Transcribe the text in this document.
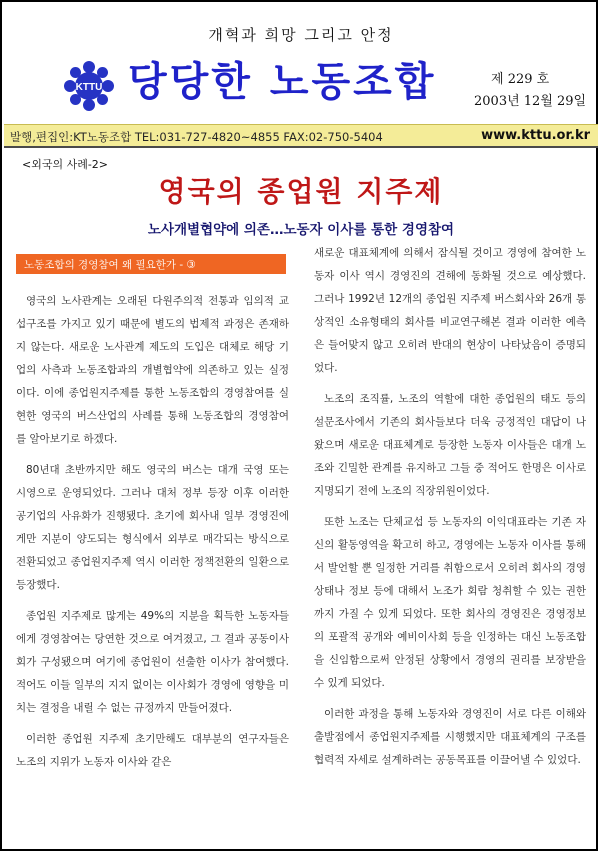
개혁과 희망 그리고 안정
KTTU 당당한 노동조합	제 229 호
2003년 12월 29일
발행,편집인:KT노동조합 TEL:031-727-4820~4855 FAX:02-750-5404	www.kttu.or.kr
<외국의 사례-2>
영국의 종업원 지주제
노사개별협약에 의존…노동자 이사를 통한 경영참여
노동조합의 경영참여 왜 필요한가 - ③

영국의 노사관계는 오래된 다원주의적 전통과 임의적 교섭구조를 가지고 있기 때문에 별도의 법제적 과정은 존재하지 않는다. 새로운 노사관계 제도의 도입은 대체로 해당 기업의 사측과 노동조합과의 개별협약에 의존하고 있는 실정이다. 이에 종업원지주제를 통한 노동조합의 경영참여를 실현한 영국의 버스산업의 사례를 통해 노동조합의 경영참여를 알아보기로 하겠다.

80년대 초반까지만 해도 영국의 버스는 대개 국영 또는 시영으로 운영되었다. 그러나 대처 정부 등장 이후 이러한 공기업의 사유화가 진행됐다. 초기에 회사내 일부 경영진에게만 지분이 양도되는 형식에서 외부로 매각되는 방식으로 전환되었고 종업원지주제 역시 이러한 정책전환의 일환으로 등장했다.

종업원 지주제로 많게는 49%의 지분을 획득한 노동자들에게 경영참여는 당연한 것으로 여겨졌고, 그 결과 공동이사회가 구성됐으며 여기에 종업원이 선출한 이사가 참여했다. 적어도 이들 일부의 지지 없이는 이사회가 경영에 영향을 미치는 결정을 내릴 수 없는 규정까지 만들어졌다.

이러한 종업원 지주제 초기만해도 대부분의 연구자들은 노조의 지위가 노동자 이사와 같은

새로운 대표체계에 의해서 잠식될 것이고 경영에 참여한 노동자 이사 역시 경영진의 견해에 동화될 것으로 예상했다. 그러나 1992년 12개의 종업원 지주제 버스회사와 26개 통상적인 소유형태의 회사를 비교연구해본 결과 이러한 예측은 들어맞지 않고 오히려 반대의 현상이 나타났음이 증명되었다.

노조의 조직률, 노조의 역할에 대한 종업원의 태도 등의 설문조사에서 기존의 회사들보다 더욱 긍정적인 대답이 나왔으며 새로운 대표체계로 등장한 노동자 이사들은 대개 노조와 긴밀한 관계를 유지하고 그들 중 적어도 한명은 이사로 지명되기 전에 노조의 직장위원이었다.

또한 노조는 단체교섭 등 노동자의 이익대표라는 기존 자신의 활동영역을 확고히 하고, 경영에는 노동자 이사를 통해서 발언할 뿐 일정한 거리를 취함으로서 오히려 회사의 경영상태나 정보 등에 대해서 노조가 회람 청취할 수 있는 권한까지 가질 수 있게 되었다. 또한 회사의 경영진은 경영정보의 포괄적 공개와 예비이사회 등을 인정하는 대신 노동조합을 신임함으로써 안정된 상황에서 경영의 권리를 보장받을 수 있게 되었다.

이러한 과정을 통해 노동자와 경영진이 서로 다른 이해와 출발점에서 종업원지주제를 시행했지만 대표체계의 구조를 협력적 자세로 설계하려는 공동목표를 이끌어낼 수 있었다.
